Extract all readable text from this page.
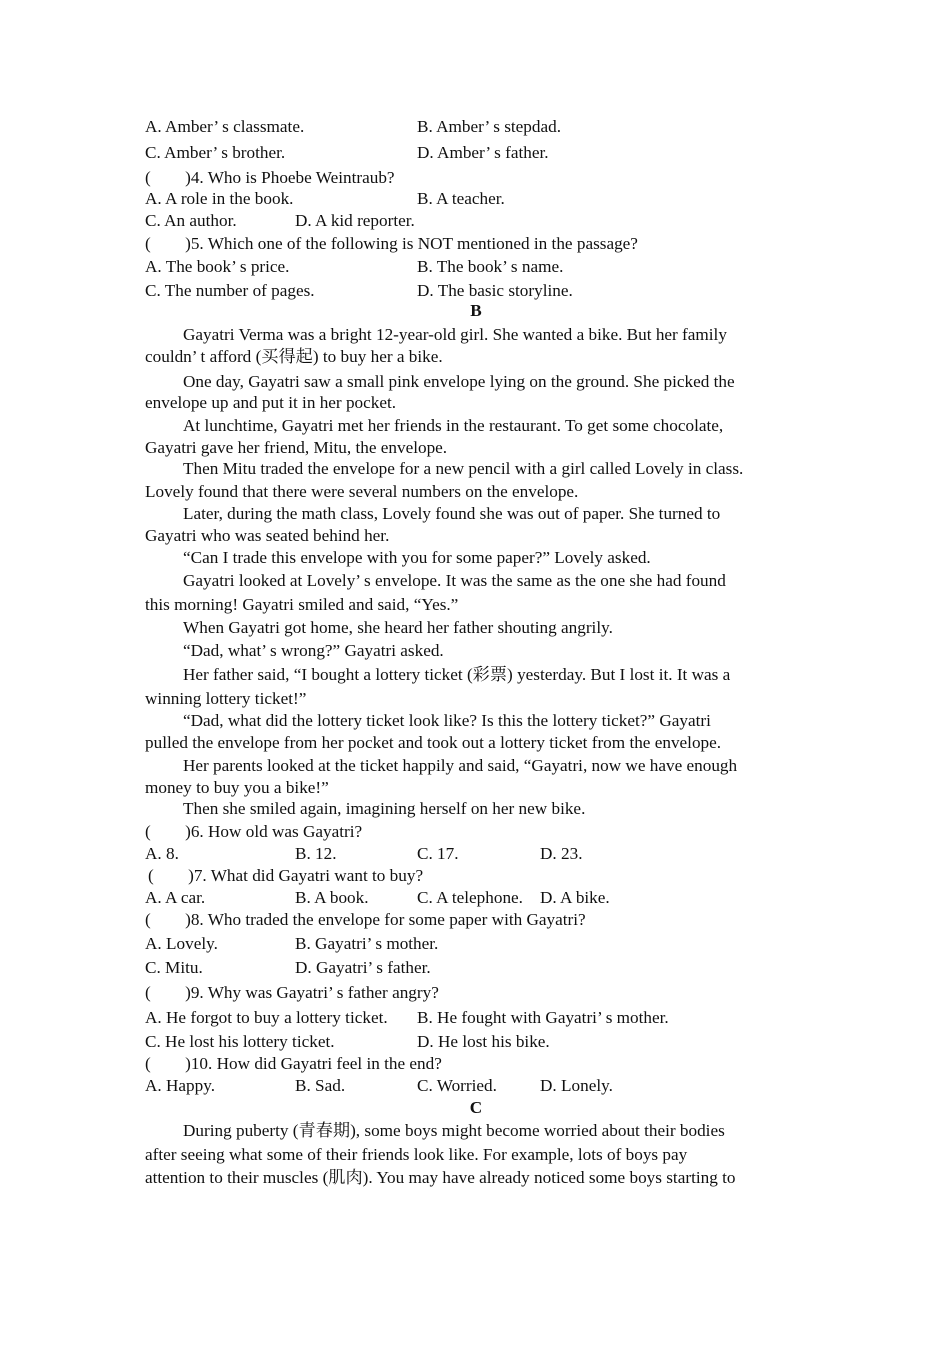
A. Amber’ s classmate.	B. Amber’ s stepdad.
C. Amber’ s brother.	D. Amber’ s father.
(　　)4. Who is Phoebe Weintraub?
A. A role in the book.	B. A teacher.
C. An author.	D. A kid reporter.
(　　)5. Which one of the following is NOT mentioned in the passage?
A. The book’ s price.	B. The book’ s name.
C. The number of pages.	D. The basic storyline.
B
Gayatri Verma was a bright 12-year-old girl. She wanted a bike. But her family
couldn’ t afford (买得起) to buy her a bike.
One day, Gayatri saw a small pink envelope lying on the ground. She picked the
envelope up and put it in her pocket.
At lunchtime, Gayatri met her friends in the restaurant. To get some chocolate,
Gayatri gave her friend, Mitu, the envelope.
Then Mitu traded the envelope for a new pencil with a girl called Lovely in class.
Lovely found that there were several numbers on the envelope.
Later, during the math class, Lovely found she was out of paper. She turned to
Gayatri who was seated behind her.
“Can I trade this envelope with you for some paper?” Lovely asked.
Gayatri looked at Lovely’ s envelope. It was the same as the one she had found
this morning! Gayatri smiled and said, “Yes.”
When Gayatri got home, she heard her father shouting angrily.
“Dad, what’ s wrong?” Gayatri asked.
Her father said, “I bought a lottery ticket (彩票) yesterday. But I lost it. It was a
winning lottery ticket!”
“Dad, what did the lottery ticket look like? Is this the lottery ticket?” Gayatri
pulled the envelope from her pocket and took out a lottery ticket from the envelope.
Her parents looked at the ticket happily and said, “Gayatri, now we have enough
money to buy you a bike!”
Then she smiled again, imagining herself on her new bike.
(　　)6. How old was Gayatri?
A. 8.	B. 12.	C. 17.	D. 23.
(　　)7. What did Gayatri want to buy?
A. A car.	B. A book.	C. A telephone. D. A bike.
(　　)8. Who traded the envelope for some paper with Gayatri?
A. Lovely.	B. Gayatri’ s mother.
C. Mitu.	D. Gayatri’ s father.
(　　)9. Why was Gayatri’ s father angry?
A. He forgot to buy a lottery ticket. B. He fought with Gayatri’ s mother.
C. He lost his lottery ticket.	D. He lost his bike.
(　　)10. How did Gayatri feel in the end?
A. Happy.	B. Sad.	C. Worried.	D. Lonely.
C
During puberty (青春期), some boys might become worried about their bodies
after seeing what some of their friends look like. For example, lots of boys pay
attention to their muscles (肌肉). You may have already noticed some boys starting to
